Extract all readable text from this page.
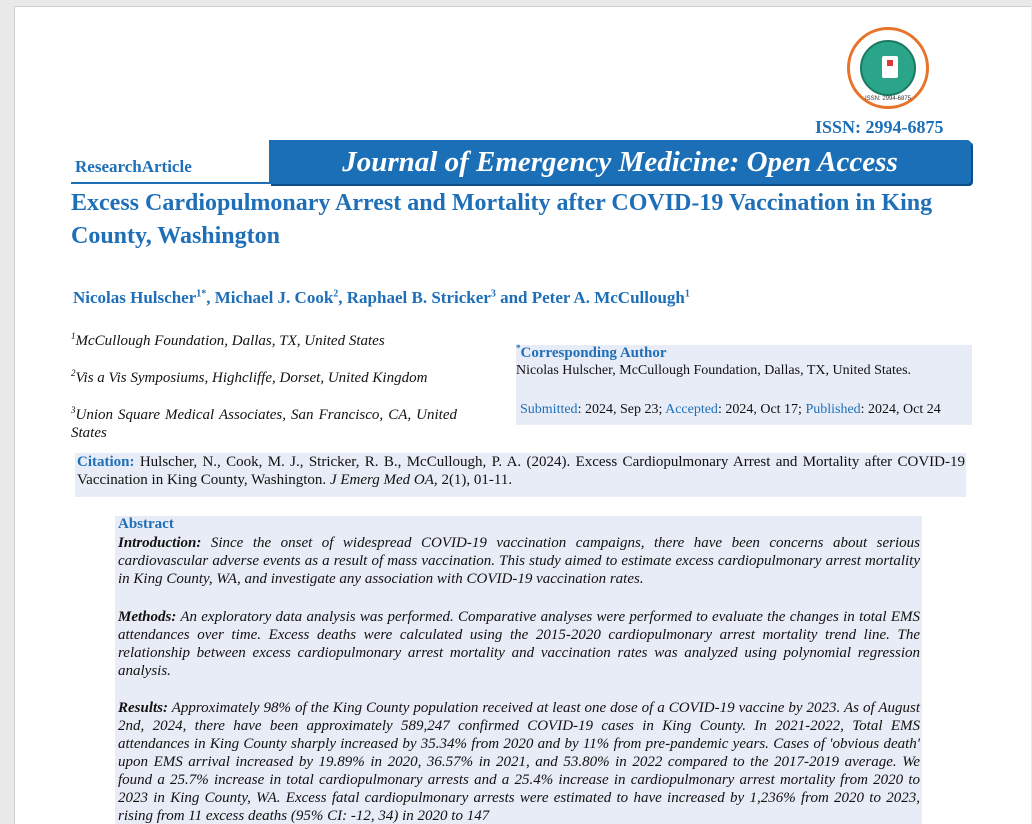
ISSN: 2994-6875
ISSN: 2994-6875
ResearchArticle	Journal of Emergency Medicine: Open Access
Excess Cardiopulmonary Arrest and Mortality after COVID-19 Vaccination in King County, Washington
Nicolas Hulscher$^{1*}$, Michael J. Cook$^2$, Raphael B. Stricker$^3$ and Peter A. McCullough$^1$
$^1$McCullough Foundation, Dallas, TX, United States
$^2$Vis a Vis Symposiums, Highcliffe, Dorset, United Kingdom
$^3$Union Square Medical Associates, San Francisco, CA, United States
*Corresponding Author
Nicolas Hulscher, McCullough Foundation, Dallas, TX, United States.
Submitted: 2024, Sep 23; Accepted: 2024, Oct 17; Published: 2024, Oct 24
Citation: Hulscher, N., Cook, M. J., Stricker, R. B., McCullough, P. A. (2024). Excess Cardiopulmonary Arrest and Mortality after COVID-19 Vaccination in King County, Washington. J Emerg Med OA, 2(1), 01-11.
Abstract
Introduction: Since the onset of widespread COVID-19 vaccination campaigns, there have been concerns about serious cardiovascular adverse events as a result of mass vaccination. This study aimed to estimate excess cardiopulmonary arrest mortality in King County, WA, and investigate any association with COVID-19 vaccination rates.
Methods: An exploratory data analysis was performed. Comparative analyses were performed to evaluate the changes in total EMS attendances over time. Excess deaths were calculated using the 2015-2020 cardiopulmonary arrest mortality trend line. The relationship between excess cardiopulmonary arrest mortality and vaccination rates was analyzed using polynomial regression analysis.
Results: Approximately 98% of the King County population received at least one dose of a COVID-19 vaccine by 2023. As of August 2nd, 2024, there have been approximately 589,247 confirmed COVID-19 cases in King County. In 2021-2022, Total EMS attendances in King County sharply increased by 35.34% from 2020 and by 11% from pre-pandemic years. Cases of 'obvious death' upon EMS arrival increased by 19.89% in 2020, 36.57% in 2021, and 53.80% in 2022 compared to the 2017-2019 average. We found a 25.7% increase in total cardiopulmonary arrests and a 25.4% increase in cardiopulmonary arrest mortality from 2020 to 2023 in King County, WA. Excess fatal cardiopulmonary arrests were estimated to have increased by 1,236% from 2020 to 2023, rising from 11 excess deaths (95% CI: -12, 34) in 2020 to 147
